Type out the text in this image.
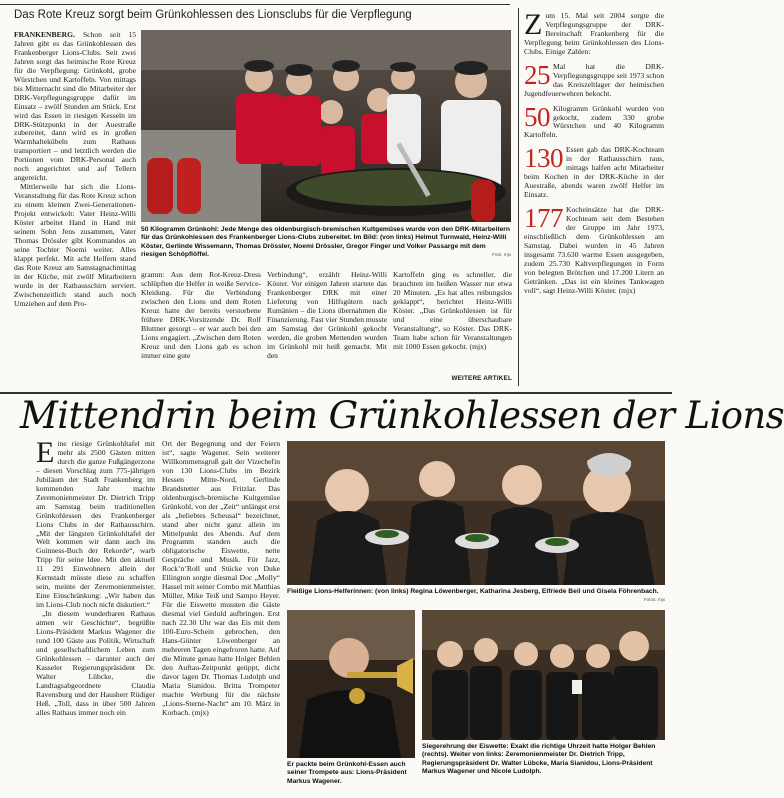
Das Rote Kreuz sorgt beim Grünkohlessen des Lionsclubs für die Verpflegung

FRANKENBERG. Schon seit 15 Jahren gibt es das Grünkohlessen des Frankenberger Lions-Clubs. Seit zwei Jahren sorgt das heimische Rote Kreuz für die Verpflegung: Grünkohl, grobe Würstchen und Kartoffeln. Von mittags bis Mitternacht sind die Mitarbeiter der DRK-Verpflegungsgruppe dafür im Einsatz – zwölf Stunden am Stück. Erst wird das Essen in riesigen Kesseln im DRK-Stützpunkt in der Auestraße zubereitet, dann wird es in großen Warmhaltekübeln zum Rathaus transportiert – und letztlich werden die Portionen vom DRK-Personal auch noch angerichtet und auf Tellern angereicht.

Mittlerweile hat sich die Lions-Veranstaltung für das Rote Kreuz schon zu einem kleinen Zwei-Generationen-Projekt entwickelt: Vater Heinz-Willi Köster arbeitet Hand in Hand mit seinem Sohn Jens zusammen, Vater Thomas Drössler gibt Kommandos an seine Tochter Noemi weiter. Alles klappt perfekt. Mit acht Helfern stand das Rote Kreuz am Samstagnachmittag in der Küche, mit zwölf Mitarbeitern wurde in der Rathausschirn serviert. Zwischenzeitlich stand auch noch Umziehen auf dem Pro-

50 Kilogramm Grünkohl: Jede Menge des oldenburgisch-bremischen Kultgemüses wurde von den DRK-Mitarbeitern für das Grünkohlessen des Frankenberger Lions-Clubs zubereitet. Im Bild: (von links) Helmut Turnwald, Heinz-Willi Köster, Gerlinde Wissemann, Thomas Drössler, Noemi Drössler, Gregor Finger und Volker Passarge mit dem riesigen Schöpflöffel.	Foto: mjx

gramm: Aus dem Rot-Kreuz-Dress schlüpften die Helfer in weiße Service-Kleidung. Für die Verbindung zwischen den Lions und dem Roten Kreuz hatte der bereits verstorbene frühere DRK-Vorsitzende Dr. Rolf Bluttner gesorgt – er war auch bei den Lions engagiert. „Zwischen dem Roten Kreuz und den Lions gab es schon immer eine gute

Verbindung“, erzählt Heinz-Willi Köster. Vor einigen Jahren startete das Frankenberger DRK mit einer Lieferung von Hilfsgütern nach Rumänien – die Lions übernahmen die Finanzierung. Fast vier Stunden musste am Samstag der Grünkohl gekocht werden, die groben Mettenden wurden im Grünkohl mit heiß gemacht. Mit den

Kartoffeln ging es schneller, die brauchten im heißen Wasser nur etwa 20 Minuten. „Es hat alles reibungslos geklappt“, berichtet Heinz-Willi Köster. „Das Grünkohlessen ist für und eine überschaubare Veranstaltung“, so Köster. Das DRK-Team habe schon für Veranstaltungen mit 1000 Essen gekocht. (mjx)

WEITERE ARTIKEL

Zum 15. Mal seit 2004 sorgte die Verpflegungsgruppe der DRK-Bereitschaft Frankenberg für die Verpflegung beim Grünkohlessen des Lions-Clubs. Einige Zahlen:

25 Mal hat die DRK-Verpflegungsgruppe seit 1973 schon das Kreiszeltlager der heimischen Jugendfeuerwehren bekocht.
50 Kilogramm Grünkohl wurden von gekocht, zudem 330 grobe Würstchen und 40 Kilogramm Kartoffeln.
130 Essen gab das DRK-Kochteam in der Rathausschirn raus, mittags halfen acht Mitarbeiter beim Kochen in der DRK-Küche in der Auestraße, abends waren zwölf Helfer im Einsatz.
177 Kocheinsätze hat die DRK-Kochteam seit dem Bestehen der Gruppe im Jahr 1973, einschließlich dem Grünkohlessen am Samstag. Dabei wurden in 45 Jahren insgesamt 73.630 warme Essen ausgegeben, zudem 25.730 Kaltverpflegungen in Form von belegten Brötchen und 17.200 Litern an Getränken. „Das ist ein kleines Tankwagen voll“, sagt Heinz-Willi Köster. (mjx)
Mittendrin beim Grünkohlessen der Lions

Eine riesige Grünkohltafel mit mehr als 2500 Gästen mitten durch die ganze Fußgängerzone – diesen Vorschlag zum 775-jährigen Jubiläum der Stadt Frankenberg im kommenden Jahr machte Zeremonienmeister Dr. Dietrich Tripp am Samstag beim traditionellen Grünkohlessen des Frankenberger Lions Clubs in der Rathausschirn. „Mit der längsten Grünkohltafel der Welt kommen wir dann auch ins Guinness-Buch der Rekorde“, warb Tripp für seine Idee. Mit den aktuell 11 291 Einwohnern allein der Kernstadt müsste diese zu schaffen sein, meinte der Zeremonienmeister. Eine Einschränkung: „Wir haben das im Lions-Club noch nicht diskutiert.“

„In diesem wunderbaren Rathaus atmen wir Geschichte“, begrüßte Lions-Präsident Markus Wagener die rund 100 Gäste aus Politik, Wirtschaft und gesellschaftlichem Leben zum Grünkohlessen – darunter auch der Kasseler Regierungspräsident Dr. Walter Lübcke, die Landtagsabgeordnete Claudia Ravensburg und der Hausherr Rüdiger Heß. „Toll, dass in über 500 Jahren alles Rathaus immer noch ein

Ort der Begegnung und der Feiern ist“, sagte Wagener. Sein weiterer Willkommensgruß galt der Vizechefin von 130 Lions-Clubs im Bezirk Hessen Mitte-Nord, Gerlinde Brandstetter aus Fritzlar. Das oldenburgisch-bremische Kultgemüse Grünkohl, von der „Zeit“ unlängst erst als „beliebtes Scheusal“ bezeichnet, stand aber nicht ganz allein im Mittelpunkt des Abends. Auf dem Programm standen auch die obligatorische Eiswette, nette Gespräche und Musik. Für Jazz, Rock’n’Roll und Stücke von Duke Ellington sorgte diesmal Doc „Molly“ Hassel mit seiner Combo mit Matthias Müller, Mike Teiß und Sampo Heyer. Für die Eiswette mussten die Gäste diesmal viel Geduld aufbringen. Erst nach 22.30 Uhr war das Eis mit dem 100-Euro-Schein gebrochen, den Hans-Günter Löwenberger an mehreren Tagen eingefroren hatte. Auf die Minute genau hatte Holger Behlen den Auftau-Zeitpunkt getippt, dicht davor lagen Dr. Thomas Ludolph und Maria Sianidou. Britta Trompeter machte Werbung für die nächste „Lions-Sterne-Nacht“ am 10. März in Korbach. (mjx)

Fleißige Lions-Helferinnen: (von links) Regina Löwenberger, Katharina Jesberg, Elfriede Beil und Gisela Föhrenbach.
Fotos: mjx
Er packte beim Grünkohl-Essen auch seiner Trompete aus: Lions-Präsident Markus Wagener.
Siegerehrung der Eiswette: Exakt die richtige Uhrzeit hatte Holger Behlen (rechts). Weiter von links: Zeremonienmeister Dr. Dietrich Tripp, Regierungspräsident Dr. Walter Lübcke, Maria Sianidou, Lions-Präsident Markus Wagener und Nicole Ludolph.
